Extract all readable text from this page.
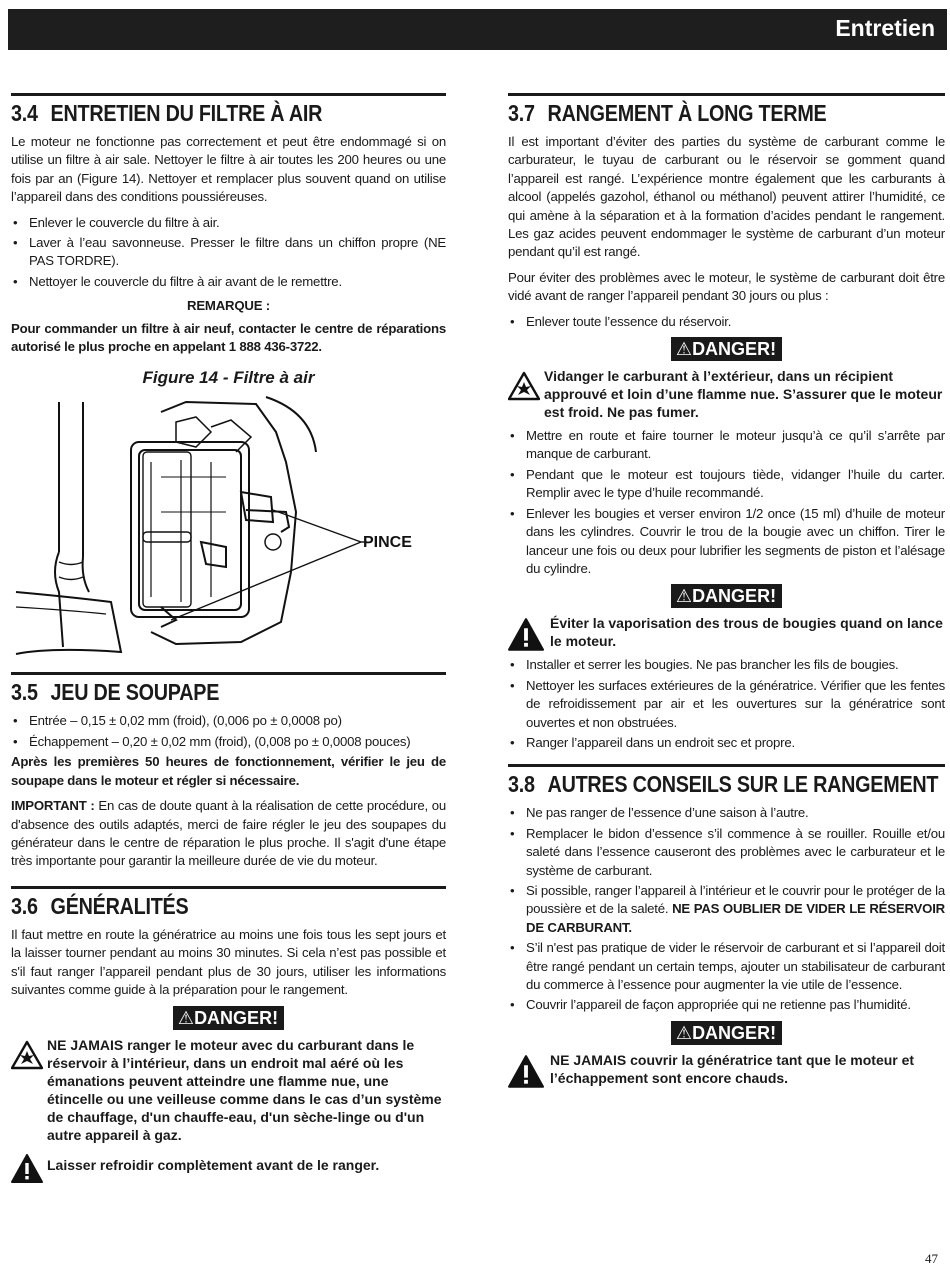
Entretien
3.4 ENTRETIEN DU FILTRE À AIR

Le moteur ne fonctionne pas correctement et peut être endommagé si on utilise un filtre à air sale. Nettoyer le filtre à air toutes les 200 heures ou une fois par an (Figure 14). Nettoyer et remplacer plus souvent quand on utilise l’appareil dans des conditions poussiéreuses.

• Enlever le couvercle du filtre à air.
• Laver à l’eau savonneuse. Presser le filtre dans un chiffon propre (NE PAS TORDRE).
• Nettoyer le couvercle du filtre à air avant de le remettre.

REMARQUE :

Pour commander un filtre à air neuf, contacter le centre de réparations autorisé le plus proche en appelant 1 888 436-3722.

Figure 14 - Filtre à air
PINCE
3.5 JEU DE SOUPAPE
• Entrée – 0,15 ± 0,02 mm (froid), (0,006 po ± 0,0008 po)
• Échappement – 0,20 ± 0,02 mm (froid), (0,008 po ± 0,0008 pouces)

Après les premières 50 heures de fonctionnement, vérifier le jeu de soupape dans le moteur et régler si nécessaire.

IMPORTANT : En cas de doute quant à la réalisation de cette procédure, ou d'absence des outils adaptés, merci de faire régler le jeu des soupapes du générateur dans le centre de réparation le plus proche. Il s'agit d'une étape très importante pour garantir la meilleure durée de vie du moteur.

3.6 GÉNÉRALITÉS

Il faut mettre en route la génératrice au moins une fois tous les sept jours et la laisser tourner pendant au moins 30 minutes. Si cela n’est pas possible et s'il faut ranger l’appareil pendant plus de 30 jours, utiliser les informations suivantes comme guide à la préparation pour le rangement.

⚠DANGER!
NE JAMAIS ranger le moteur avec du carburant dans le réservoir à l’intérieur, dans un endroit mal aéré où les émanations peuvent atteindre une flamme nue, une étincelle ou une veilleuse comme dans le cas d’un système de chauffage, d'un chauffe-eau, d'un sèche-linge ou d'un autre appareil à gaz.
Laisser refroidir complètement avant de le ranger.
3.7 RANGEMENT À LONG TERME

Il est important d’éviter des parties du système de carburant comme le carburateur, le tuyau de carburant ou le réservoir se gomment quand l’appareil est rangé. L’expérience montre également que les carburants à alcool (appelés gazohol, éthanol ou méthanol) peuvent attirer l’humidité, ce qui amène à la séparation et à la formation d’acides pendant le rangement. Les gaz acides peuvent endommager le système de carburant d’un moteur pendant qu’il est rangé.

Pour éviter des problèmes avec le moteur, le système de carburant doit être vidé avant de ranger l’appareil pendant 30 jours ou plus :

• Enlever toute l’essence du réservoir.
⚠DANGER!
Vidanger le carburant à l’extérieur, dans un récipient approuvé et loin d’une flamme nue. S’assurer que le moteur est froid. Ne pas fumer.
• Mettre en route et faire tourner le moteur jusqu’à ce qu’il s’arrête par manque de carburant.
• Pendant que le moteur est toujours tiède, vidanger l’huile du carter. Remplir avec le type d’huile recommandé.
• Enlever les bougies et verser environ 1/2 once (15 ml) d’huile de moteur dans les cylindres. Couvrir le trou de la bougie avec un chiffon. Tirer le lanceur une fois ou deux pour lubrifier les segments de piston et l’alésage du cylindre.
⚠DANGER!
Éviter la vaporisation des trous de bougies quand on lance le moteur.
• Installer et serrer les bougies. Ne pas brancher les fils de bougies.
• Nettoyer les surfaces extérieures de la génératrice. Vérifier que les fentes de refroidissement par air et les ouvertures sur la génératrice sont ouvertes et non obstruées.
• Ranger l’appareil dans un endroit sec et propre.
3.8 AUTRES CONSEILS SUR LE RANGEMENT
• Ne pas ranger de l’essence d’une saison à l’autre.
• Remplacer le bidon d’essence s’il commence à se rouiller. Rouille et/ou saleté dans l’essence causeront des problèmes avec le carburateur et le système de carburant.
• Si possible, ranger l’appareil à l’intérieur et le couvrir pour le protéger de la poussière et de la saleté. NE PAS OUBLIER DE VIDER LE RÉSERVOIR DE CARBURANT.
• S’il n'est pas pratique de vider le réservoir de carburant et si l’appareil doit être rangé pendant un certain temps, ajouter un stabilisateur de carburant du commerce à l’essence pour augmenter la vie utile de l’essence.
• Couvrir l’appareil de façon appropriée qui ne retienne pas l’humidité.
⚠DANGER!
NE JAMAIS couvrir la génératrice tant que le moteur et l’échappement sont encore chauds.
47
